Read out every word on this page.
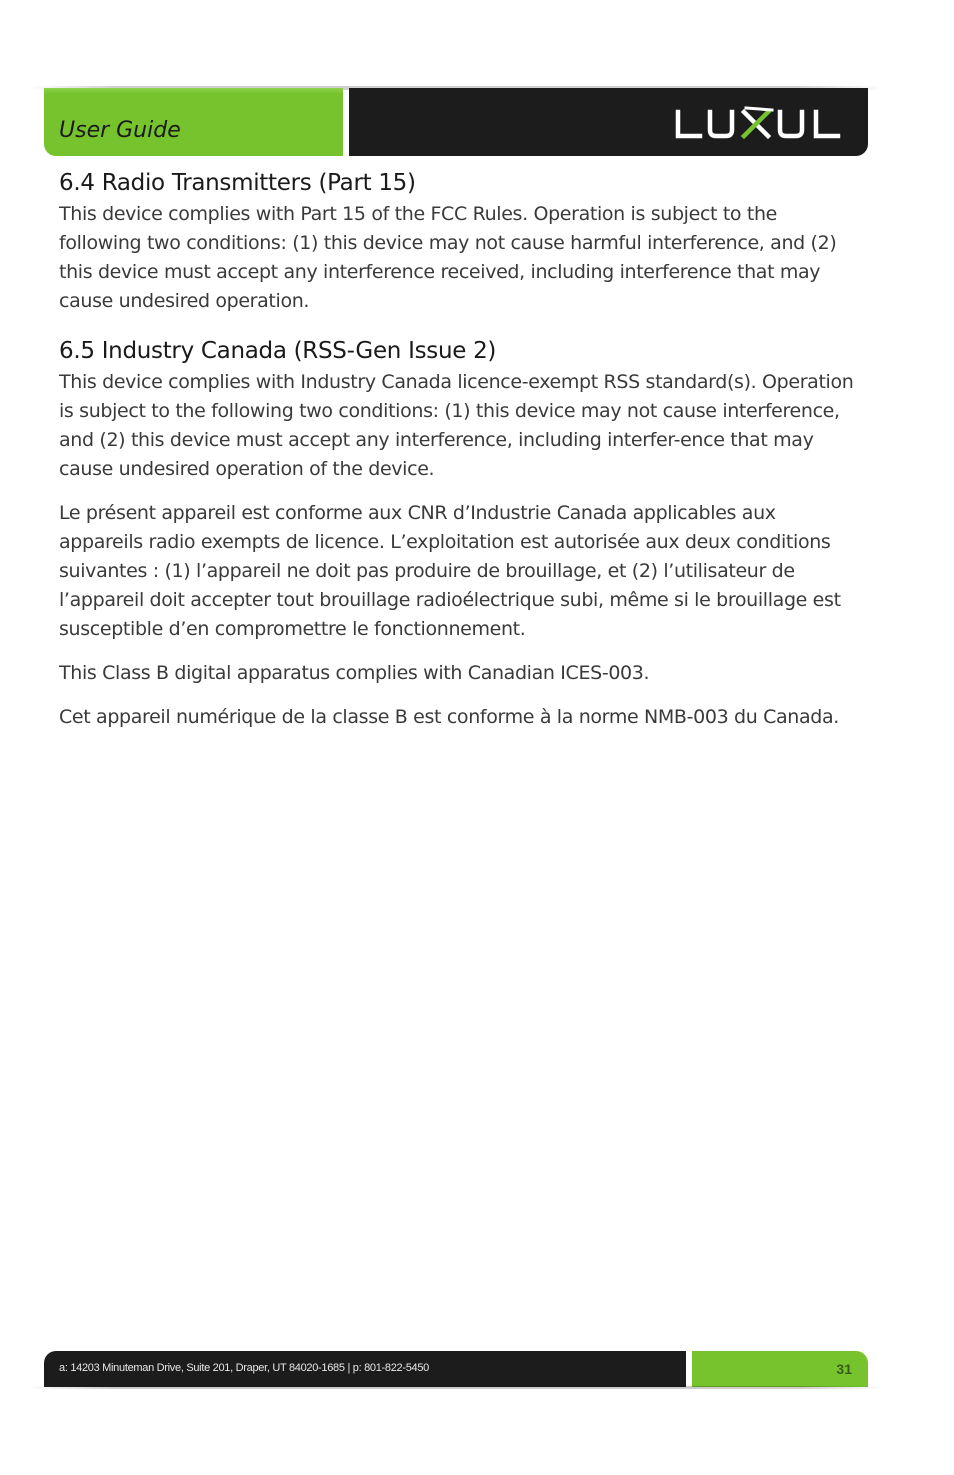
User Guide
6.4 Radio Transmitters (Part 15)

This device complies with Part 15 of the FCC Rules. Operation is subject to the following two conditions: (1) this device may not cause harmful interference, and (2) this device must accept any interference received, including interference that may cause undesired operation.

6.5 Industry Canada (RSS-Gen Issue 2)

This device complies with Industry Canada licence-exempt RSS standard(s). Operation is subject to the following two conditions: (1) this device may not cause interference, and (2) this device must accept any interference, including interfer-ence that may cause undesired operation of the device.

Le présent appareil est conforme aux CNR d’Industrie Canada applicables aux appareils radio exempts de licence. L’exploitation est autorisée aux deux conditions suivantes : (1) l’appareil ne doit pas produire de brouillage, et (2) l’utilisateur de l’appareil doit accepter tout brouillage radioélectrique subi, même si le brouillage est susceptible d’en compromettre le fonctionnement.

This Class B digital apparatus complies with Canadian ICES-003.

Cet appareil numérique de la classe B est conforme à la norme NMB-003 du Canada.

a: 14203 Minuteman Drive, Suite 201, Draper, UT 84020-1685 | p: 801-822-5450	31
